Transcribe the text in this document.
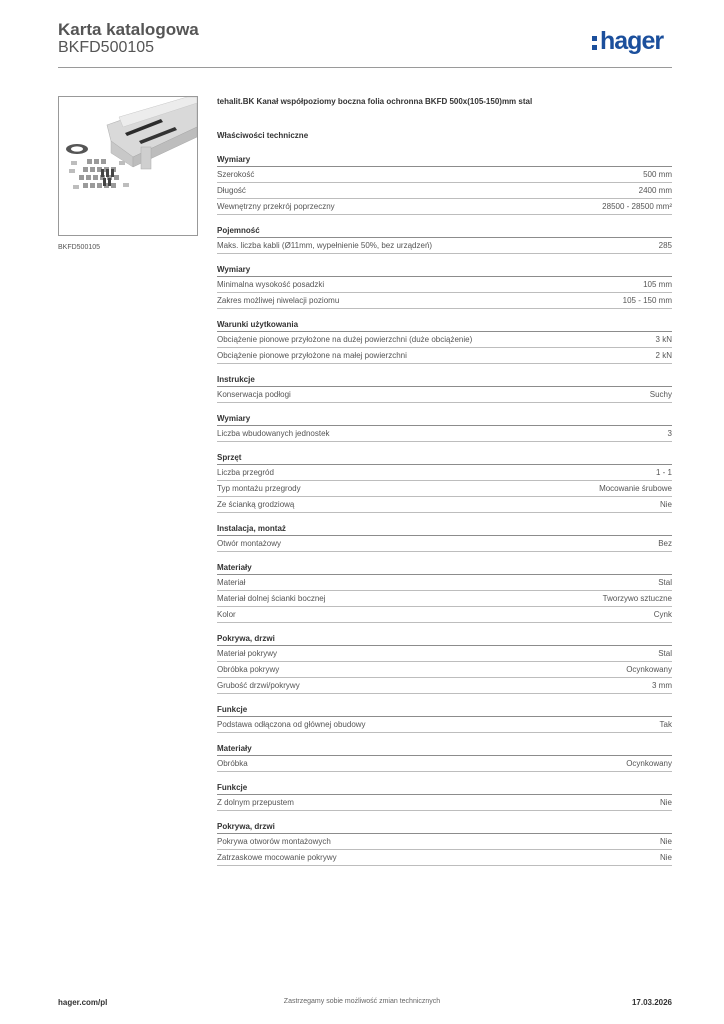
Karta katalogowa
BKFD500105	hager
BKFD500105
tehalit.BK Kanał współpoziomy boczna folia ochronna BKFD 500x(105-150)mm stal
Właściwości techniczne
Wymiary
Szerokość	500 mm
Długość	2400 mm
Wewnętrzny przekrój poprzeczny	28500 - 28500 mm²
Pojemność
Maks. liczba kabli (Ø11mm, wypełnienie 50%, bez urządzeń)	285
Wymiary
Minimalna wysokość posadzki	105 mm
Zakres możliwej niwelacji poziomu	105 - 150 mm
Warunki użytkowania
Obciążenie pionowe przyłożone na dużej powierzchni (duże obciążenie)	3 kN
Obciążenie pionowe przyłożone na małej powierzchni	2 kN
Instrukcje
Konserwacja podłogi	Suchy
Wymiary
Liczba wbudowanych jednostek	3
Sprzęt
Liczba przegród	1 - 1
Typ montażu przegrody	Mocowanie śrubowe
Ze ścianką grodziową	Nie
Instalacja, montaż
Otwór montażowy	Bez
Materiały
Materiał	Stal
Materiał dolnej ścianki bocznej	Tworzywo sztuczne
Kolor	Cynk
Pokrywa, drzwi
Materiał pokrywy	Stal
Obróbka pokrywy	Ocynkowany
Grubość drzwi/pokrywy	3 mm
Funkcje
Podstawa odłączona od głównej obudowy	Tak
Materiały
Obróbka	Ocynkowany
Funkcje
Z dolnym przepustem	Nie
Pokrywa, drzwi
Pokrywa otworów montażowych	Nie
Zatrzaskowe mocowanie pokrywy	Nie
hager.com/pl	Zastrzegamy sobie możliwość zmian technicznych	17.03.2026
